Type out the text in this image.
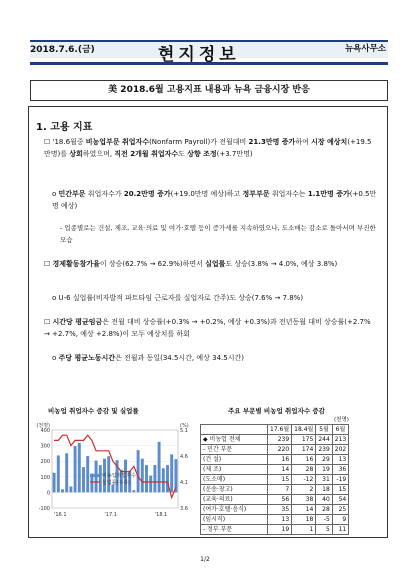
2018.7.6.(금)	현지정보	뉴욕사무소
美 2018.6월 고용지표 내용과 뉴욕 금융시장 반응
1. 고용 지표
☐ '18.6월중 비농업부문 취업자수(Nonfarm Payroll)가 전월대비 21.3만명 증가하여 시장 예상치(+19.5만명)를 상회하였으며, 직전 2개월 취업자수도 상향 조정(+3.7만명)
o 민간부문 취업자수가 20.2만명 증가(+19.0만명 예상)하고 정부부문 취업자수는 1.1만명 증가(+0.5만명 예상)
- 업종별로는 건설, 제조, 교육·의료 및 여가·호텔 등이 증가세를 지속하였으나, 도소매는 감소로 돌아서며 부진한 모습
☐ 경제활동참가율이 상승(62.7% → 62.9%)하면서 실업률도 상승(3.8% → 4.0%, 예상 3.8%)
o U-6 실업률(비자발적 파트타임 근로자를 실업자로 간주)도 상승(7.6% → 7.8%)
☐ 시간당 평균임금은 전월 대비 상승률(+0.3% → +0.2%, 예상 +0.3%)과 전년동월 대비 상승률(+2.7% → +2.7%, 예상 +2.8%)이 모두 예상치를 하회
o 주당 평균노동시간은 전월과 동일(34.5시간, 예상 34.5시간)
비농업 취업자수 증감 및 실업률
-100
0
100
200
300
400
3.6
4.1
4.6
5.1
(천명)	(%)
'16.1	'17.1	'18.1
비농업취업자수
실업률(우축)
주요 부문별 비농업 취업자수 증감
(천명)
	17.6월	18.4월	5월	6월
◆ 비농업 전체	239	175	244	213
- 민간 부문	220	174	239	202
(건 설)	16	16	29	13
(제 조)	14	28	19	36
(도소매)	15	-12	31	-19
(운송·창고)	7	2	18	15
(교육·의료)	56	38	40	54
(여가·호텔·음식)	35	14	28	25
(임시직)	13	18	-5	9
- 정부 부문	19	1	5	11
1/2
